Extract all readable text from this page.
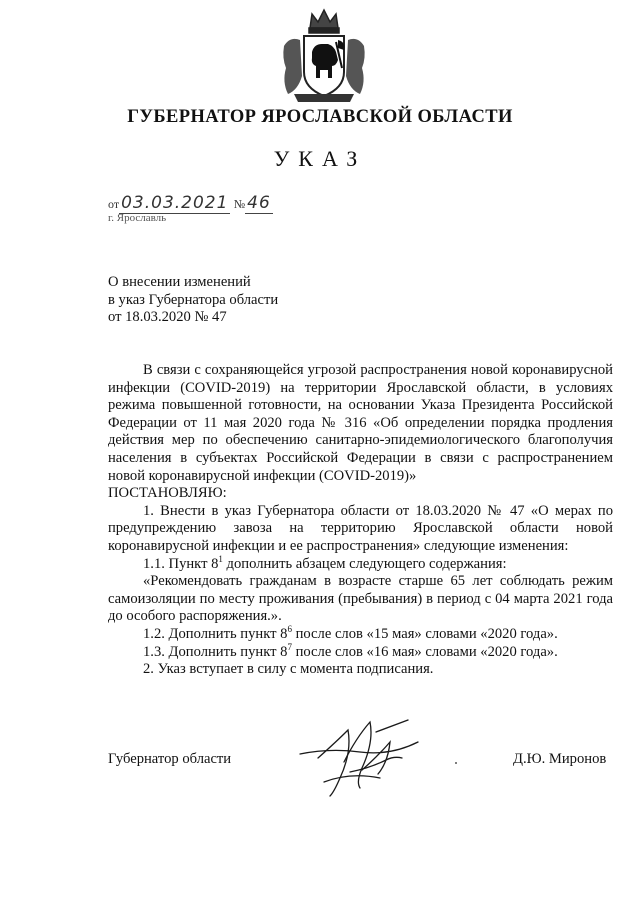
ГУБЕРНАТОР ЯРОСЛАВСКОЙ ОБЛАСТИ
УКАЗ
от 03.03.2021 № 46
г. Ярославль
О внесении изменений
в указ Губернатора области
от 18.03.2020 № 47

В связи с сохраняющейся угрозой распространения новой коронавирусной инфекции (COVID-2019) на территории Ярославской области, в условиях режима повышенной готовности, на основании Указа Президента Российской Федерации от 11 мая 2020 года № 316 «Об определении порядка продления действия мер по обеспечению санитарно-эпидемиологического благополучия населения в субъектах Российской Федерации в связи с распространением новой коронавирусной инфекции (COVID-2019)»

ПОСТАНОВЛЯЮ:

1. Внести в указ Губернатора области от 18.03.2020 № 47 «О мерах по предупреждению завоза на территорию Ярославской области новой коронавирусной инфекции и ее распространения» следующие изменения:

1.1. Пункт $8^1$ дополнить абзацем следующего содержания:

«Рекомендовать гражданам в возрасте старше 65 лет соблюдать режим самоизоляции по месту проживания (пребывания) в период с 04 марта 2021 года до особого распоряжения.».

1.2. Дополнить пункт $8^6$ после слов «15 мая» словами «2020 года».

1.3. Дополнить пункт $8^7$ после слов «16 мая» словами «2020 года».

2. Указ вступает в силу с момента подписания.

Губернатор области	Д.Ю. Миронов
